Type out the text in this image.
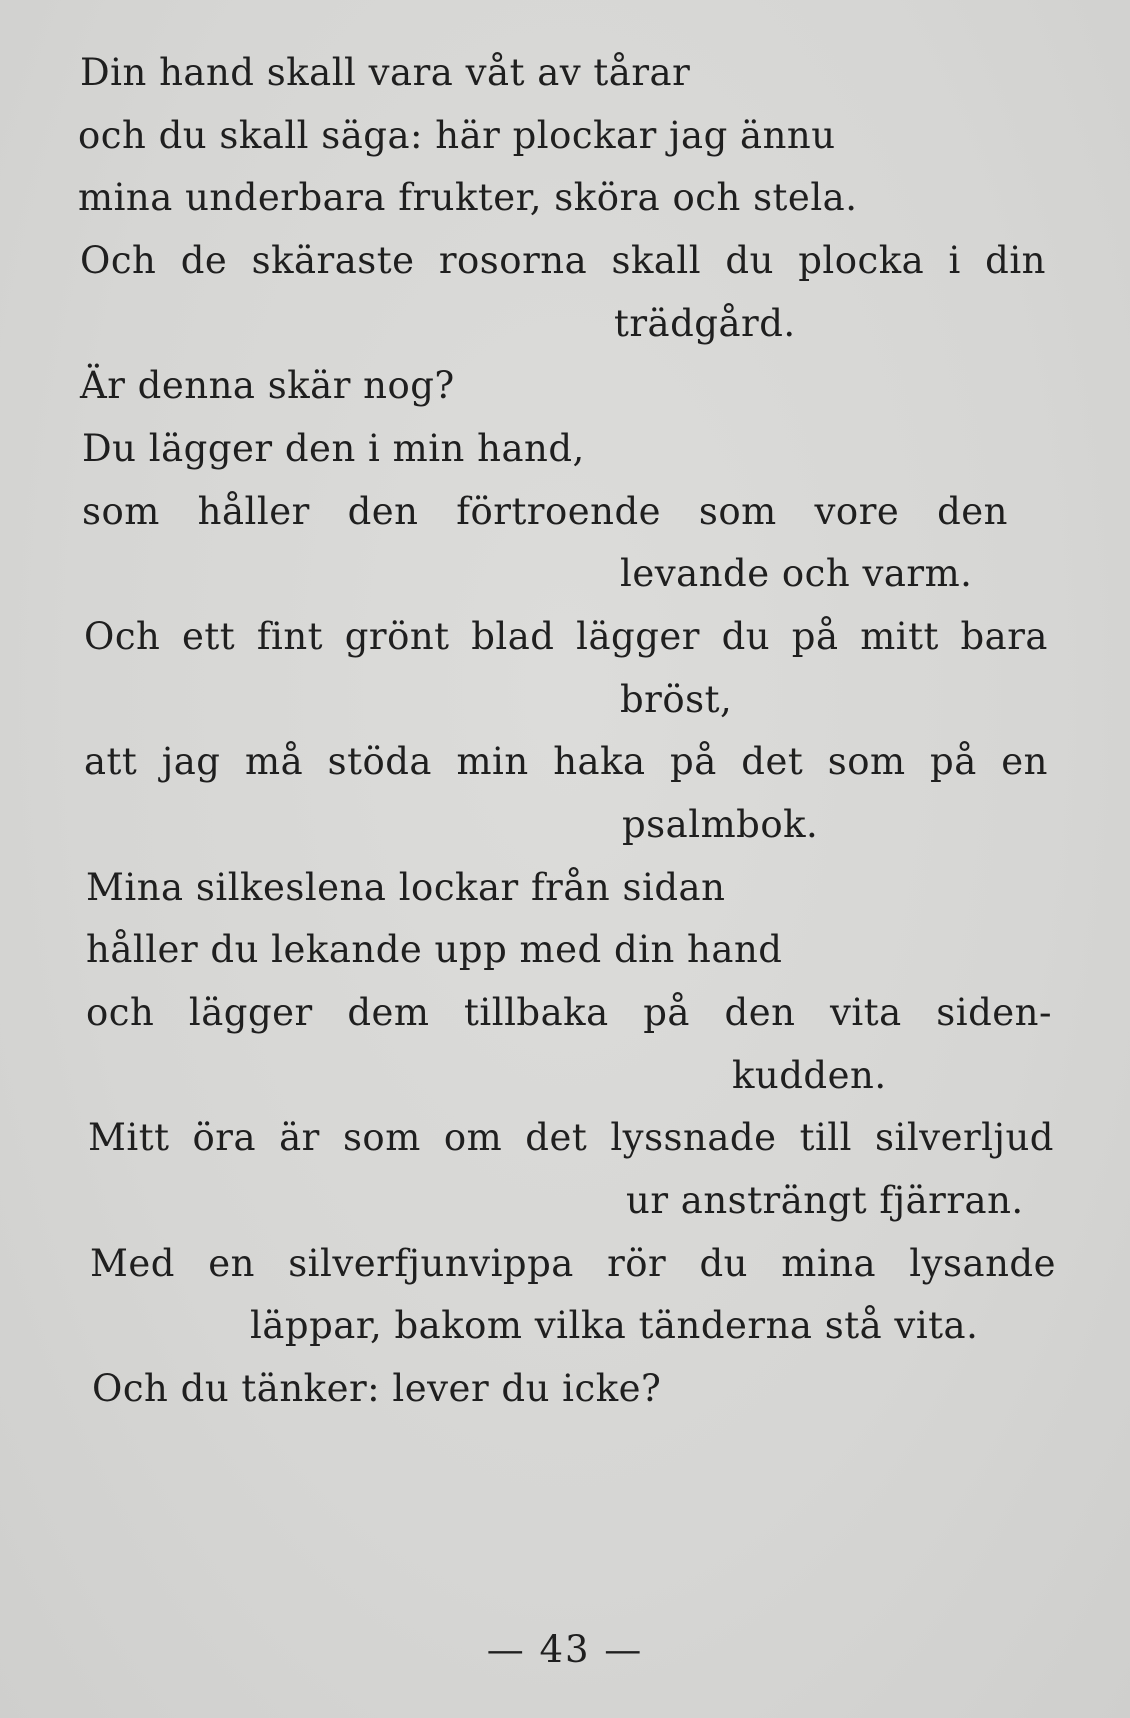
Din hand skall vara våt av tårar
och du skall säga: här plockar jag ännu
mina underbara frukter, sköra och stela.
Och de skäraste rosorna skall du plocka i din
trädgård.
Är denna skär nog?
Du lägger den i min hand,
som håller den förtroende som vore den
levande och varm.
Och ett fint grönt blad lägger du på mitt bara
bröst,
att jag må stöda min haka på det som på en
psalmbok.
Mina silkeslena lockar från sidan
håller du lekande upp med din hand
och lägger dem tillbaka på den vita siden-
kudden.
Mitt öra är som om det lyssnade till silverljud
ur ansträngt fjärran.
Med en silverfjunvippa rör du mina lysande
läppar, bakom vilka tänderna stå vita.
Och du tänker: lever du icke?
— 43 —
